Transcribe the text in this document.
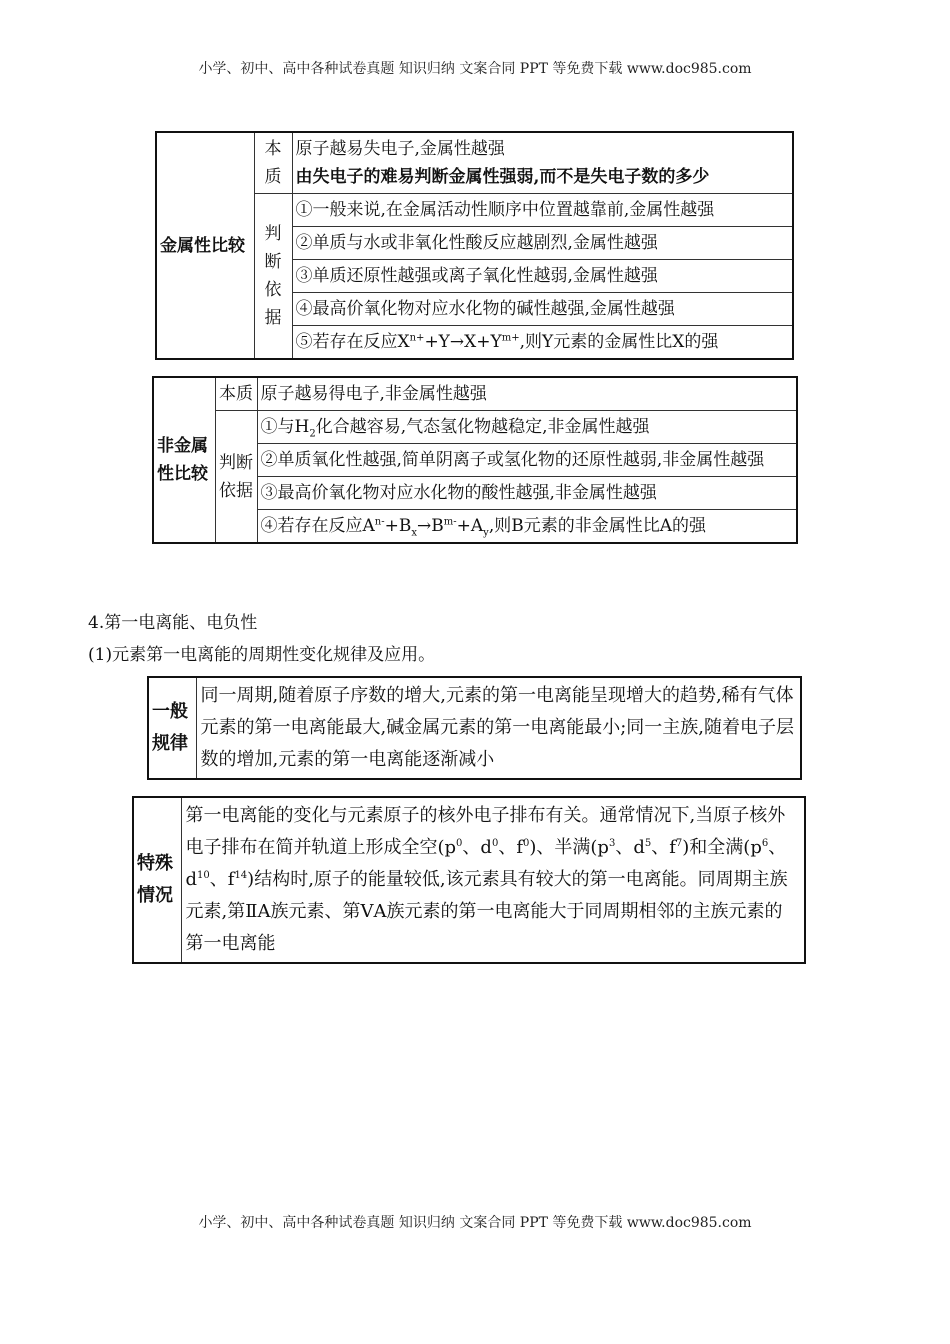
小学、初中、高中各种试卷真题 知识归纳 文案合同 PPT 等免费下载 www.doc985.com
金属性比较	本质	原子越易失电子,金属性越强
由失电子的难易判断金属性强弱,而不是失电子数的多少

	判断依据	①一般来说,在金属活动性顺序中位置越靠前,金属性越强
		②单质与水或非氧化性酸反应越剧烈,金属性越强
		③单质还原性越强或离子氧化性越弱,金属性越强
		④最高价氧化物对应水化物的碱性越强,金属性越强
		⑤若存在反应$X^{n+}+Y\to X+Y^{m+}$,则Y元素的金属性比X的强
非金属性比较	本质	原子越易得电子,非金属性越强
	判断依据	①与$H_2$化合越容易,气态氢化物越稳定,非金属性越强
		②单质氧化性越强,简单阴离子或氢化物的还原性越弱,非金属性越强
		③最高价氧化物对应水化物的酸性越强,非金属性越强
		④若存在反应$A^{n-}+B_x\to B^{m-}+A_y$,则B元素的非金属性比A的强
4.第一电离能、电负性
(1)元素第一电离能的周期性变化规律及应用。
一般规律	同一周期,随着原子序数的增大,元素的第一电离能呈现增大的趋势,稀有气体元素的第一电离能最大,碱金属元素的第一电离能最小;同一主族,随着电子层数的增加,元素的第一电离能逐渐减小
特殊情况	第一电离能的变化与元素原子的核外电子排布有关。通常情况下,当原子核外电子排布在简并轨道上形成全空($p^0$、$d^0$、$f^0$)、半满($p^3$、$d^5$、$f^7$)和全满($p^6$、$d^{10}$、$f^{14}$)结构时,原子的能量较低,该元素具有较大的第一电离能。同周期主族元素,第ⅡA族元素、第ⅤA族元素的第一电离能大于同周期相邻的主族元素的第一电离能
小学、初中、高中各种试卷真题 知识归纳 文案合同 PPT 等免费下载 www.doc985.com
